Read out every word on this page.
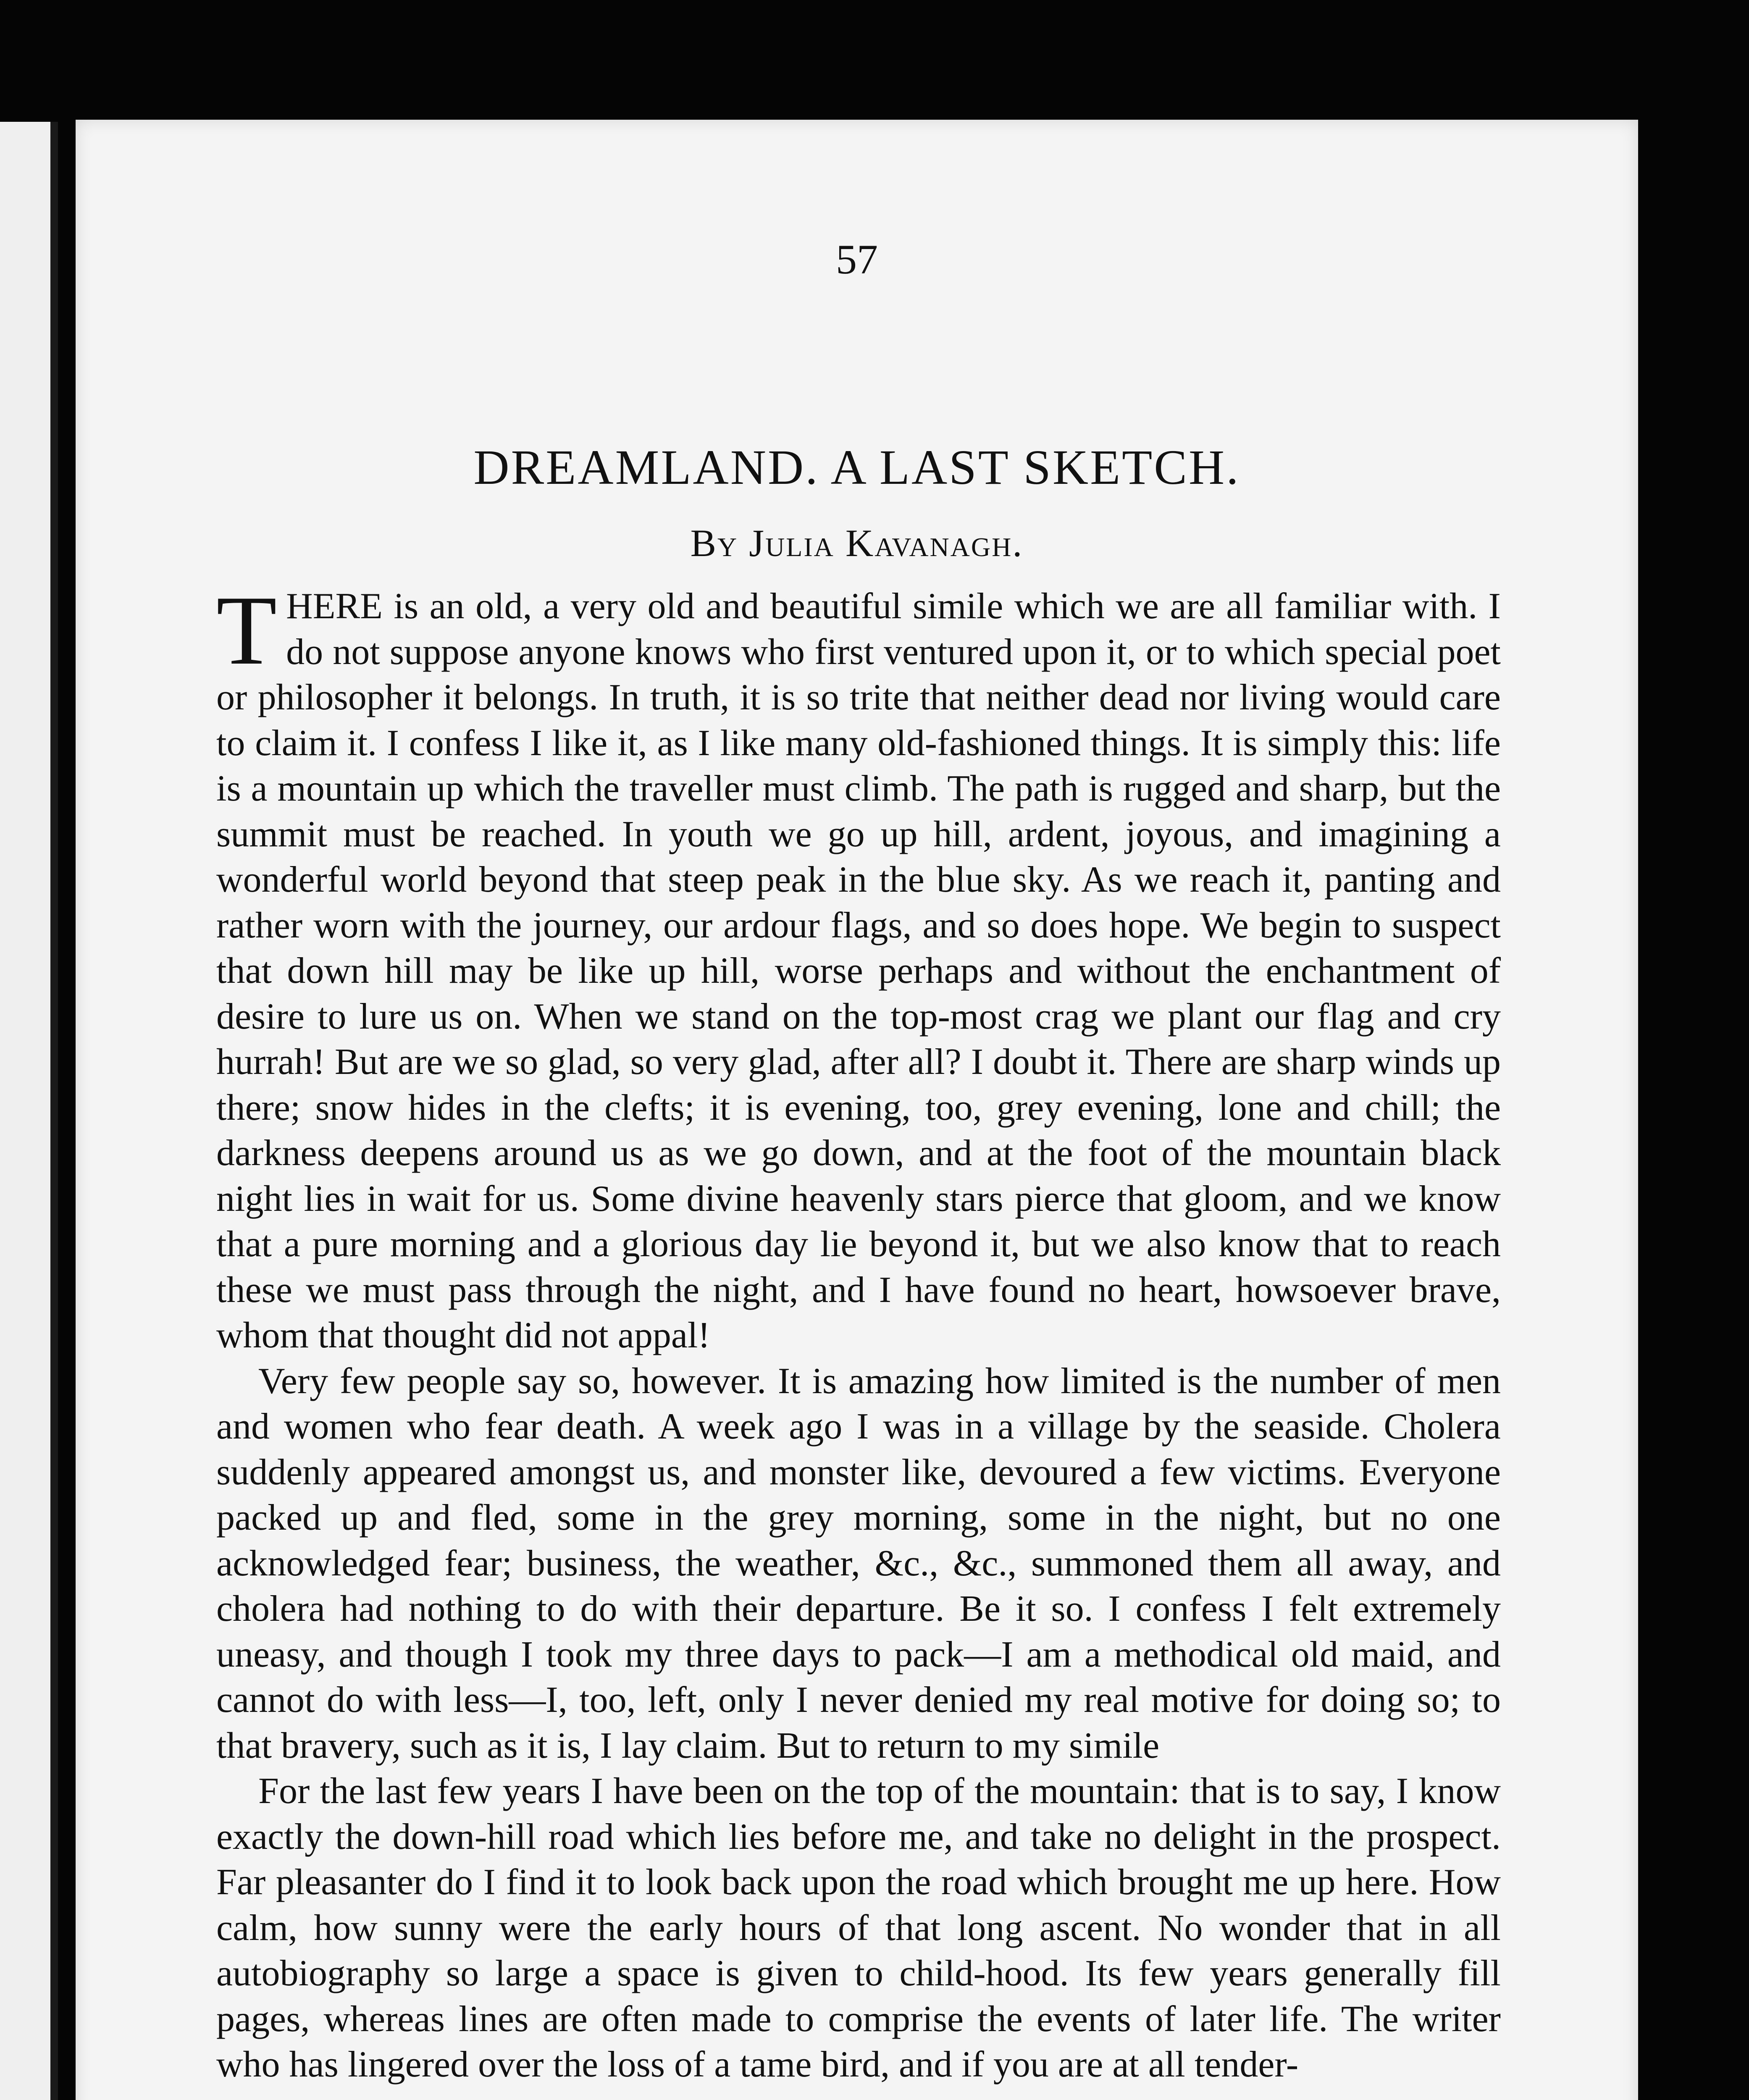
57
DREAMLAND. A LAST SKETCH.
By Julia Kavanagh.

THERE is an old, a very old and beautiful simile which we are all familiar with. I do not suppose anyone knows who first ventured upon it, or to which special poet or philosopher it belongs. In truth, it is so trite that neither dead nor living would care to claim it. I confess I like it, as I like many old-fashioned things. It is simply this: life is a mountain up which the traveller must climb. The path is rugged and sharp, but the summit must be reached. In youth we go up hill, ardent, joyous, and imagining a wonderful world beyond that steep peak in the blue sky. As we reach it, panting and rather worn with the journey, our ardour flags, and so does hope. We begin to suspect that down hill may be like up hill, worse perhaps and without the enchantment of desire to lure us on. When we stand on the top-most crag we plant our flag and cry hurrah! But are we so glad, so very glad, after all? I doubt it. There are sharp winds up there; snow hides in the clefts; it is evening, too, grey evening, lone and chill; the darkness deepens around us as we go down, and at the foot of the mountain black night lies in wait for us. Some divine heavenly stars pierce that gloom, and we know that a pure morning and a glorious day lie beyond it, but we also know that to reach these we must pass through the night, and I have found no heart, howsoever brave, whom that thought did not appal!

Very few people say so, however. It is amazing how limited is the number of men and women who fear death. A week ago I was in a village by the seaside. Cholera suddenly appeared amongst us, and monster like, devoured a few victims. Everyone packed up and fled, some in the grey morning, some in the night, but no one acknowledged fear; business, the weather, &c., &c., summoned them all away, and cholera had nothing to do with their departure. Be it so. I confess I felt extremely uneasy, and though I took my three days to pack—I am a methodical old maid, and cannot do with less—I, too, left, only I never denied my real motive for doing so; to that bravery, such as it is, I lay claim. But to return to my simile

For the last few years I have been on the top of the mountain: that is to say, I know exactly the down-hill road which lies before me, and take no delight in the prospect. Far pleasanter do I find it to look back upon the road which brought me up here. How calm, how sunny were the early hours of that long ascent. No wonder that in all autobiography so large a space is given to child-hood. Its few years generally fill pages, whereas lines are often made to comprise the events of later life. The writer who has lingered over the loss of a tame bird, and if you are at all tender-
